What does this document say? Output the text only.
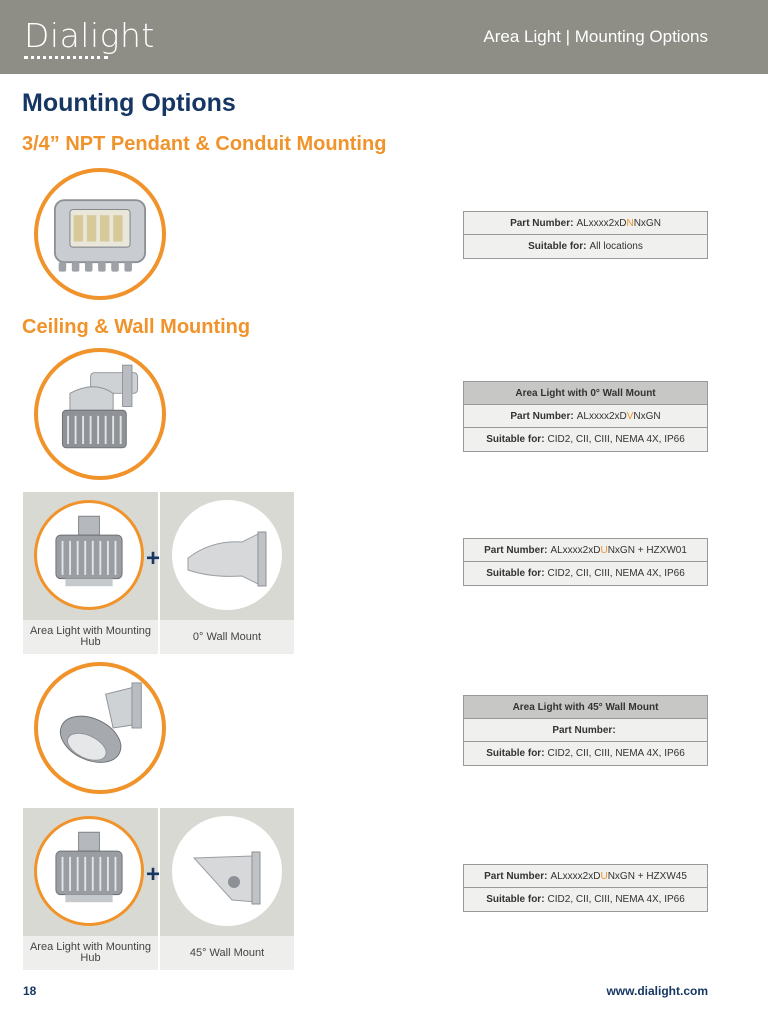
Dialight	Area Light | Mounting Options
Mounting Options
3/4” NPT Pendant & Conduit Mounting
Part Number: ALxxxx2xD N NxGN
Suitable for: All locations
Ceiling & Wall Mounting
Area Light with 0° Wall Mount
Part Number: ALxxxx2xD V NxGN
Suitable for: CID2, CII, CIII, NEMA 4X, IP66
+
Area Light with Mounting Hub	0° Wall Mount
Part Number: ALxxxx2xD U NxGN + HZXW01
Suitable for: CID2, CII, CIII, NEMA 4X, IP66
Area Light with 45° Wall Mount
Part Number:
Suitable for: CID2, CII, CIII, NEMA 4X, IP66
+
Area Light with Mounting Hub	45° Wall Mount
Part Number: ALxxxx2xD U NxGN + HZXW45
Suitable for: CID2, CII, CIII, NEMA 4X, IP66
18	www.dialight.com
